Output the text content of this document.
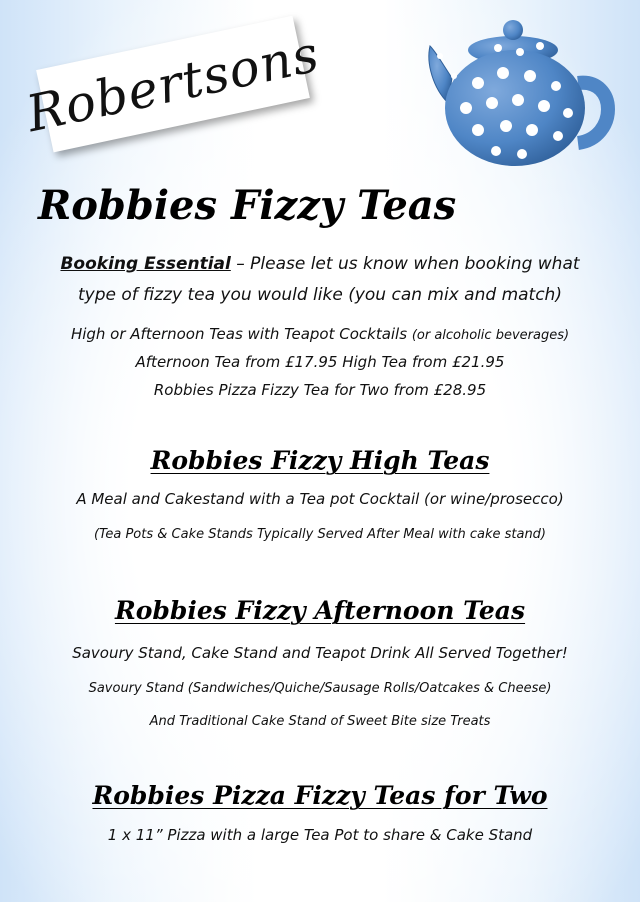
Robertsons
Robbies Fizzy Teas

Booking Essential – Please let us know when booking what

type of fizzy tea you would like (you can mix and match)

High or Afternoon Teas with Teapot Cocktails (or alcoholic beverages)

Afternoon Tea from £17.95 High Tea from £21.95

Robbies Pizza Fizzy Tea for Two from £28.95

Robbies Fizzy High Teas

A Meal and Cakestand with a Tea pot Cocktail (or wine/prosecco)

(Tea Pots & Cake Stands Typically Served After Meal with cake stand)

Robbies Fizzy Afternoon Teas

Savoury Stand, Cake Stand and Teapot Drink All Served Together!

Savoury Stand (Sandwiches/Quiche/Sausage Rolls/Oatcakes & Cheese)

And Traditional Cake Stand of Sweet Bite size Treats

Robbies Pizza Fizzy Teas for Two

1 x 11” Pizza with a large Tea Pot to share & Cake Stand
